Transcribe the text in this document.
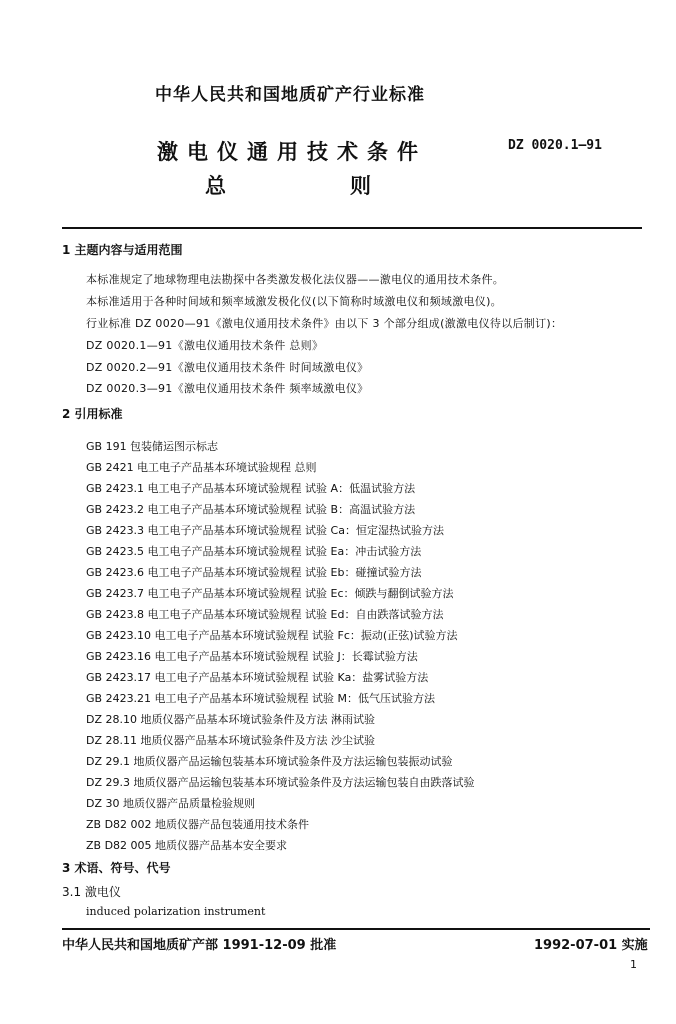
中华人民共和国地质矿产行业标准
激电仪通用技术条件
总	则
DZ 0020.1—91
1 主题内容与适用范围
本标准规定了地球物理电法勘探中各类激发极化法仪器——激电仪的通用技术条件。
本标准适用于各种时间域和频率域激发极化仪(以下简称时域激电仪和频域激电仪)。
行业标准 DZ 0020—91《激电仪通用技术条件》由以下 3 个部分组成(激激电仪待以后制订)：
DZ 0020.1—91《激电仪通用技术条件 总则》
DZ 0020.2—91《激电仪通用技术条件 时间域激电仪》
DZ 0020.3—91《激电仪通用技术条件 频率域激电仪》
2 引用标准
GB 191 包装储运图示标志
GB 2421 电工电子产品基本环境试验规程 总则
GB 2423.1 电工电子产品基本环境试验规程 试验 A：低温试验方法
GB 2423.2 电工电子产品基本环境试验规程 试验 B：高温试验方法
GB 2423.3 电工电子产品基本环境试验规程 试验 Ca：恒定湿热试验方法
GB 2423.5 电工电子产品基本环境试验规程 试验 Ea：冲击试验方法
GB 2423.6 电工电子产品基本环境试验规程 试验 Eb：碰撞试验方法
GB 2423.7 电工电子产品基本环境试验规程 试验 Ec：倾跌与翻倒试验方法
GB 2423.8 电工电子产品基本环境试验规程 试验 Ed：自由跌落试验方法
GB 2423.10 电工电子产品基本环境试验规程 试验 Fc：振动(正弦)试验方法
GB 2423.16 电工电子产品基本环境试验规程 试验 J：长霉试验方法
GB 2423.17 电工电子产品基本环境试验规程 试验 Ka：盐雾试验方法
GB 2423.21 电工电子产品基本环境试验规程 试验 M：低气压试验方法
DZ 28.10 地质仪器产品基本环境试验条件及方法 淋雨试验
DZ 28.11 地质仪器产品基本环境试验条件及方法 沙尘试验
DZ 29.1 地质仪器产品运输包装基本环境试验条件及方法运输包装振动试验
DZ 29.3 地质仪器产品运输包装基本环境试验条件及方法运输包装自由跌落试验
DZ 30 地质仪器产品质量检验规则
ZB D82 002 地质仪器产品包装通用技术条件
ZB D82 005 地质仪器产品基本安全要求
3 术语、符号、代号
3.1 激电仪
induced polarization instrument
中华人民共和国地质矿产部 1991-12-09 批准	1992-07-01 实施
1
